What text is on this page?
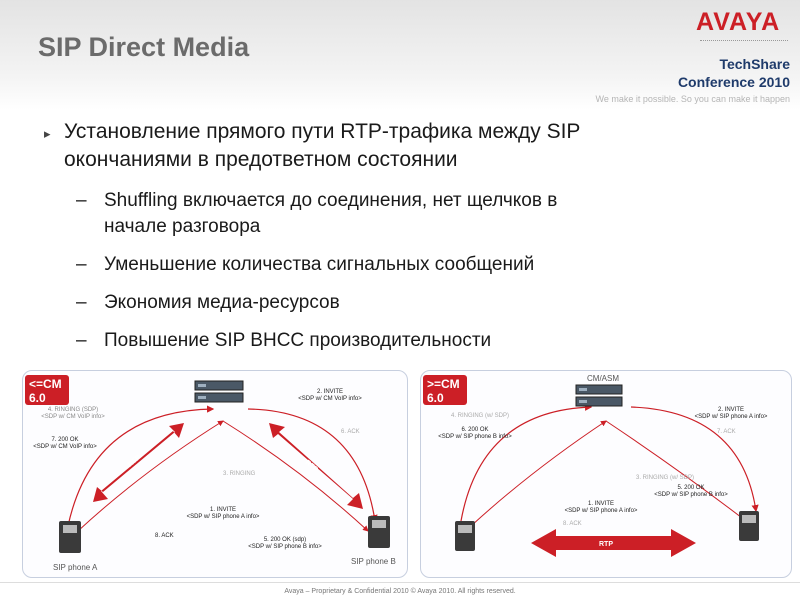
SIP Direct Media
AVAYA
TechShare
Conference 2010
We make it possible. So you can make it happen
▸ Установление прямого пути RTP-трафика между SIP
окончаниями в предответном состоянии
– Shuffling включается до соединения, нет щелчков в
начале разговора
– Уменьшение количества сигнальных сообщений
– Экономия медиа-ресурсов
– Повышение SIP BHCC производительности
RTP	RTP
<=CM
6.0	2. INVITE
<SDP w/ CM VoIP info>
4. RINGING (SDP)
<SDP w/ CM VoIP info>
7. 200 OK
<SDP w/ CM VoIP info>
6. ACK
3. RINGING
1. INVITE
<SDP w/ SIP phone A info>
8. ACK
5. 200 OK (sdp)
<SDP w/ SIP phone B info>
SIP phone A
SIP phone B
RTP
>=CM
6.0
CM/ASM
2. INVITE
<SDP w/ SIP phone A info>
4. RINGING (w/ SDP)
6. 200 OK
<SDP w/ SIP phone B info>
7. ACK
3. RINGING (w/ SDP)
5. 200 OK
<SDP w/ SIP phone B info>
1. INVITE
<SDP w/ SIP phone A info>
8. ACK
Avaya – Proprietary & Confidential 2010 © Avaya 2010. All rights reserved.
